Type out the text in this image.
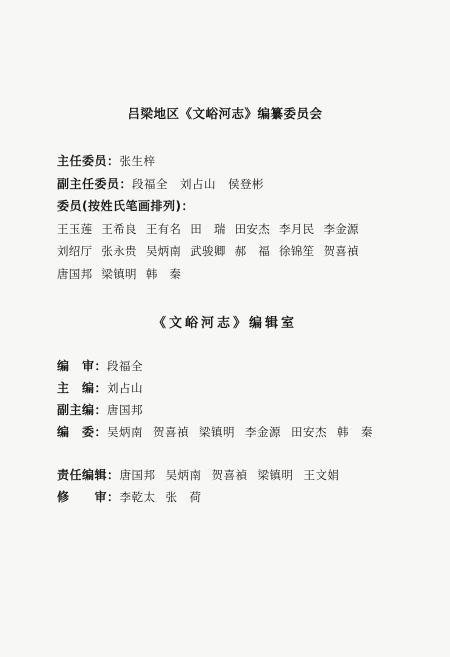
吕梁地区《文峪河志》编纂委员会
主任委员：张生梓
副主任委员：段福全　刘占山　侯登彬
委员(按姓氏笔画排列)：
王玉莲 王希良 王有名 田　瑞 田安杰 李月民 李金源
刘绍厅 张永贵 吴炳南 武骏卿 郝　福 徐锦笙 贺喜禎
唐国邦 梁镇明 韩　秦
《文峪河志》编辑室
编　审：段福全
主　编：刘占山
副主编：唐国邦
编　委：吴炳南 贺喜禎 梁镇明 李金源 田安杰 韩　秦
责任编辑：唐国邦 吴炳南 贺喜禎 梁镇明 王文娟
修　　审：李乾太 张　荷
